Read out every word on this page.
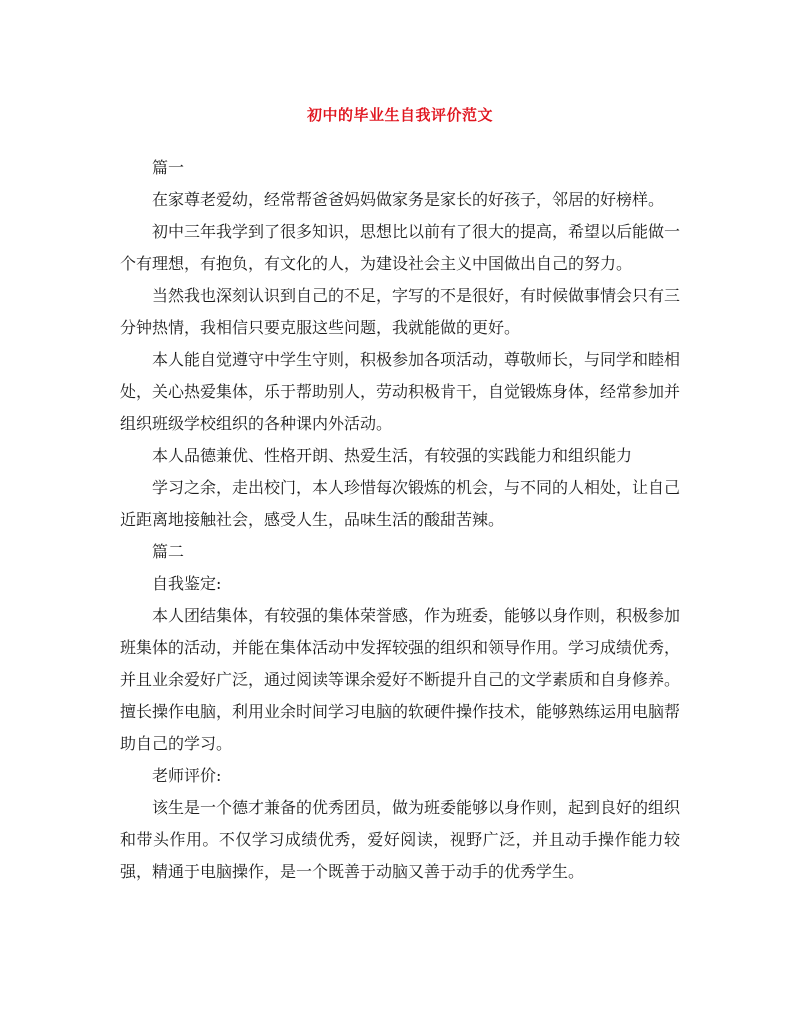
初中的毕业生自我评价范文

篇一

在家尊老爱幼，经常帮爸爸妈妈做家务是家长的好孩子，邻居的好榜样。

初中三年我学到了很多知识，思想比以前有了很大的提高，希望以后能做一个有理想，有抱负，有文化的人，为建设社会主义中国做出自己的努力。

当然我也深刻认识到自己的不足，字写的不是很好，有时候做事情会只有三分钟热情，我相信只要克服这些问题，我就能做的更好。

本人能自觉遵守中学生守则，积极参加各项活动，尊敬师长，与同学和睦相处，关心热爱集体，乐于帮助别人，劳动积极肯干，自觉锻炼身体，经常参加并组织班级学校组织的各种课内外活动。

本人品德兼优、性格开朗、热爱生活，有较强的实践能力和组织能力

学习之余，走出校门，本人珍惜每次锻炼的机会，与不同的人相处，让自己近距离地接触社会，感受人生，品味生活的酸甜苦辣。

篇二

自我鉴定:

本人团结集体，有较强的集体荣誉感，作为班委，能够以身作则，积极参加班集体的活动，并能在集体活动中发挥较强的组织和领导作用。学习成绩优秀，并且业余爱好广泛，通过阅读等课余爱好不断提升自己的文学素质和自身修养。擅长操作电脑，利用业余时间学习电脑的软硬件操作技术，能够熟练运用电脑帮助自己的学习。

老师评价:

该生是一个德才兼备的优秀团员，做为班委能够以身作则，起到良好的组织和带头作用。不仅学习成绩优秀，爱好阅读，视野广泛，并且动手操作能力较强，精通于电脑操作，是一个既善于动脑又善于动手的优秀学生。
